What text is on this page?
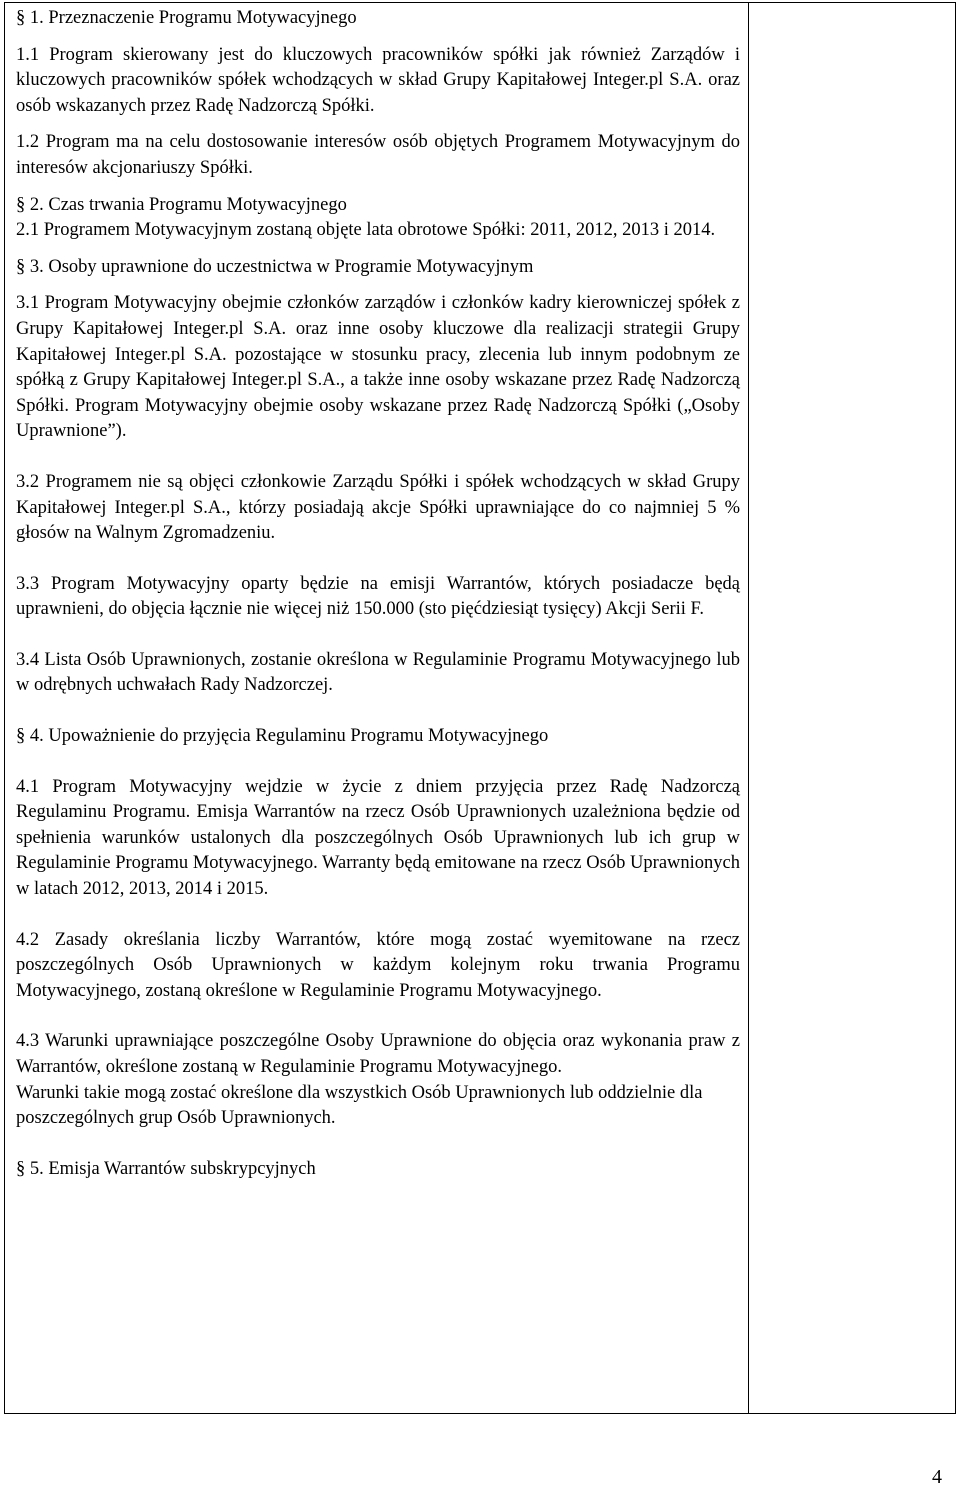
§ 1. Przeznaczenie Programu Motywacyjnego

1.1 Program skierowany jest do kluczowych pracowników spółki jak również Zarządów i kluczowych pracowników spółek wchodzących w skład Grupy Kapitałowej Integer.pl S.A. oraz osób wskazanych przez Radę Nadzorczą Spółki.

1.2 Program ma na celu dostosowanie interesów osób objętych Programem Motywacyjnym do interesów akcjonariuszy Spółki.

§ 2. Czas trwania Programu Motywacyjnego

2.1 Programem Motywacyjnym zostaną objęte lata obrotowe Spółki: 2011, 2012, 2013 i 2014.

§ 3. Osoby uprawnione do uczestnictwa w Programie Motywacyjnym

3.1 Program Motywacyjny obejmie członków zarządów i członków kadry kierowniczej spółek z Grupy Kapitałowej Integer.pl S.A. oraz inne osoby kluczowe dla realizacji strategii Grupy Kapitałowej Integer.pl S.A. pozostające w stosunku pracy, zlecenia lub innym podobnym ze spółką z Grupy Kapitałowej Integer.pl S.A., a także inne osoby wskazane przez Radę Nadzorczą Spółki. Program Motywacyjny obejmie osoby wskazane przez Radę Nadzorczą Spółki („Osoby Uprawnione”).

3.2 Programem nie są objęci członkowie Zarządu Spółki i spółek wchodzących w skład Grupy Kapitałowej Integer.pl S.A., którzy posiadają akcje Spółki uprawniające do co najmniej 5 % głosów na Walnym Zgromadzeniu.

3.3 Program Motywacyjny oparty będzie na emisji Warrantów, których posiadacze będą uprawnieni, do objęcia łącznie nie więcej niż 150.000 (sto pięćdziesiąt tysięcy) Akcji Serii F.

3.4 Lista Osób Uprawnionych, zostanie określona w Regulaminie Programu Motywacyjnego lub w odrębnych uchwałach Rady Nadzorczej.

§ 4. Upoważnienie do przyjęcia Regulaminu Programu Motywacyjnego

4.1 Program Motywacyjny wejdzie w życie z dniem przyjęcia przez Radę Nadzorczą Regulaminu Programu. Emisja Warrantów na rzecz Osób Uprawnionych uzależniona będzie od spełnienia warunków ustalonych dla poszczególnych Osób Uprawnionych lub ich grup w Regulaminie Programu Motywacyjnego. Warranty będą emitowane na rzecz Osób Uprawnionych w latach 2012, 2013, 2014 i 2015.

4.2 Zasady określania liczby Warrantów, które mogą zostać wyemitowane na rzecz poszczególnych Osób Uprawnionych w każdym kolejnym roku trwania Programu Motywacyjnego, zostaną określone w Regulaminie Programu Motywacyjnego.

4.3 Warunki uprawniające poszczególne Osoby Uprawnione do objęcia oraz wykonania praw z Warrantów, określone zostaną w Regulaminie Programu Motywacyjnego.

Warunki takie mogą zostać określone dla wszystkich Osób Uprawnionych lub oddzielnie dla poszczególnych grup Osób Uprawnionych.

§ 5. Emisja Warrantów subskrypcyjnych

4
